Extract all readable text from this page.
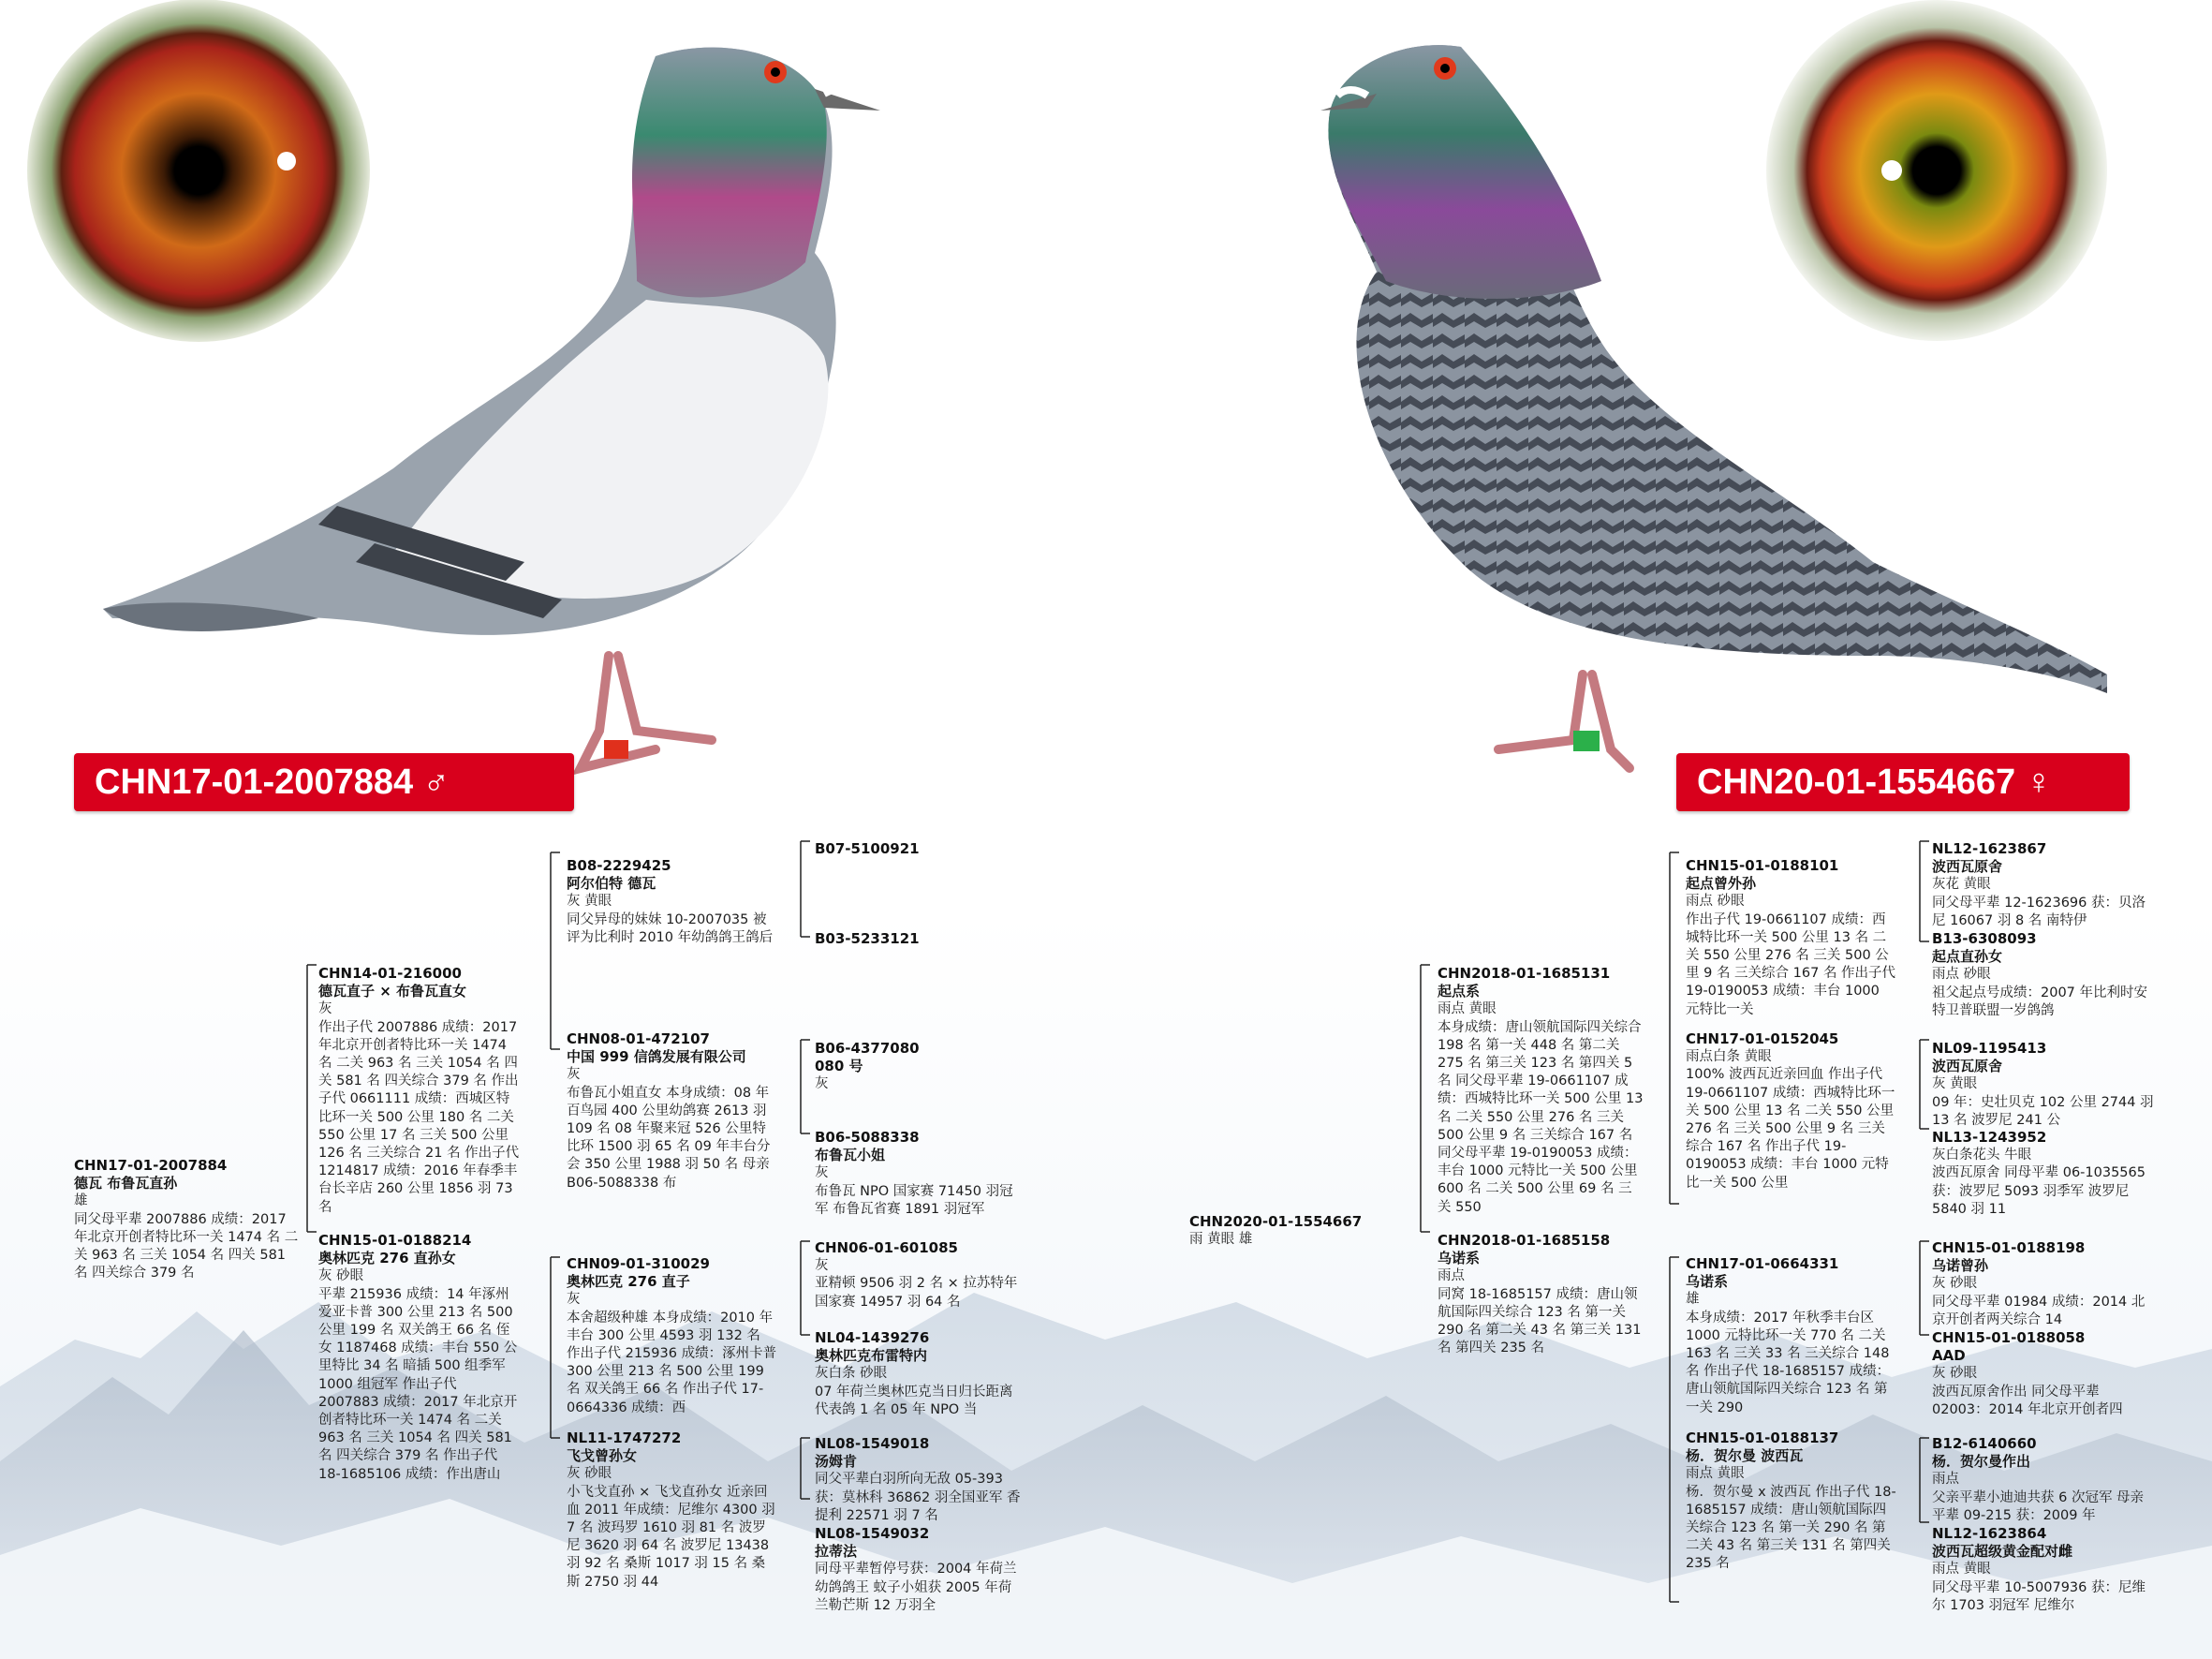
CHN17-01-2007884 ♂	CHN20-01-1554667 ♀
CHN17-01-2007884
德瓦 布鲁瓦直孙
雄
同父母平辈 2007886 成绩：2017 年北京开创者特比环一关 1474 名 二关 963 名 三关 1054 名 四关 581 名 四关综合 379 名
CHN14-01-216000
德瓦直子 × 布鲁瓦直女
灰
作出子代 2007886 成绩：2017 年北京开创者特比环一关 1474 名 二关 963 名 三关 1054 名 四关 581 名 四关综合 379 名 作出子代 0661111 成绩：西城区特比环一关 500 公里 180 名 二关 550 公里 17 名 三关 500 公里 126 名 三关综合 21 名 作出子代 1214817 成绩：2016 年春季丰台长辛店 260 公里 1856 羽 73 名
CHN15-01-0188214
奥林匹克 276 直孙女
灰 砂眼
平辈 215936 成绩：14 年涿州爱亚卡普 300 公里 213 名 500 公里 199 名 双关鸽王 66 名 侄女 1187468 成绩：丰台 550 公里特比 34 名 暗插 500 组季军 1000 组冠军 作出子代 2007883 成绩：2017 年北京开创者特比环一关 1474 名 二关 963 名 三关 1054 名 四关 581 名 四关综合 379 名 作出子代 18-1685106 成绩：作出唐山
B08-2229425
阿尔伯特 德瓦
灰 黄眼
同父异母的妹妹 10-2007035 被评为比利时 2010 年幼鸽鸽王鸽后
CHN08-01-472107
中国 999 信鸽发展有限公司
灰
布鲁瓦小姐直女 本身成绩：08 年百鸟园 400 公里幼鸽赛 2613 羽 109 名 08 年聚来冠 526 公里特比环 1500 羽 65 名 09 年丰台分会 350 公里 1988 羽 50 名 母亲 B06-5088338 布
CHN09-01-310029
奥林匹克 276 直子
灰
本舍超级种雄 本身成绩：2010 年丰台 300 公里 4593 羽 132 名 作出子代 215936 成绩：涿州卡普 300 公里 213 名 500 公里 199 名 双关鸽王 66 名 作出子代 17-0664336 成绩：西
NL11-1747272
飞戈曾孙女
灰 砂眼
小飞戈直孙 × 飞戈直孙女 近亲回血 2011 年成绩：尼维尔 4300 羽 7 名 波玛罗 1610 羽 81 名 波罗尼 3620 羽 64 名 波罗尼 13438 羽 92 名 桑斯 1017 羽 15 名 桑斯 2750 羽 44
B07-5100921
B03-5233121
B06-4377080
080 号
灰
B06-5088338
布鲁瓦小姐
灰
布鲁瓦 NPO 国家赛 71450 羽冠军 布鲁瓦省赛 1891 羽冠军
CHN06-01-601085
灰
亚精顿 9506 羽 2 名 × 拉苏特年国家赛 14957 羽 64 名
NL04-1439276
奥林匹克布雷特内
灰白条 砂眼
07 年荷兰奥林匹克当日归长距离代表鸽 1 名 05 年 NPO 当
NL08-1549018
汤姆肯
同父平辈白羽所向无敌 05-393 获：莫林科 36862 羽全国亚军 香提利 22571 羽 7 名
NL08-1549032
拉蒂法
同母平辈暂停号获：2004 年荷兰幼鸽鸽王 蚊子小姐获 2005 年荷兰勒芒斯 12 万羽全
CHN2020-01-1554667
雨 黄眼 雄
CHN2018-01-1685131
起点系
雨点 黄眼
本身成绩：唐山领航国际四关综合 198 名 第一关 448 名 第二关 275 名 第三关 123 名 第四关 5 名 同父母平辈 19-0661107 成绩：西城特比环一关 500 公里 13 名 二关 550 公里 276 名 三关 500 公里 9 名 三关综合 167 名 同父母平辈 19-0190053 成绩：丰台 1000 元特比一关 500 公里 600 名 二关 500 公里 69 名 三关 550
CHN2018-01-1685158
乌诺系
雨点
同窝 18-1685157 成绩：唐山领航国际四关综合 123 名 第一关 290 名 第二关 43 名 第三关 131 名 第四关 235 名
CHN15-01-0188101
起点曾外孙
雨点 砂眼
作出子代 19-0661107 成绩：西城特比环一关 500 公里 13 名 二关 550 公里 276 名 三关 500 公里 9 名 三关综合 167 名 作出子代 19-0190053 成绩：丰台 1000 元特比一关
CHN17-01-0152045
雨点白条 黄眼
100% 波西瓦近亲回血 作出子代 19-0661107 成绩：西城特比环一关 500 公里 13 名 二关 550 公里 276 名 三关 500 公里 9 名 三关综合 167 名 作出子代 19-0190053 成绩：丰台 1000 元特比一关 500 公里
CHN17-01-0664331
乌诺系
雄
本身成绩：2017 年秋季丰台区 1000 元特比环一关 770 名 二关 163 名 三关 33 名 三关综合 148 名 作出子代 18-1685157 成绩：唐山领航国际四关综合 123 名 第一关 290
CHN15-01-0188137
杨．贺尔曼 波西瓦
雨点 黄眼
杨．贺尔曼 x 波西瓦 作出子代 18-1685157 成绩：唐山领航国际四关综合 123 名 第一关 290 名 第二关 43 名 第三关 131 名 第四关 235 名
NL12-1623867
波西瓦原舍
灰花 黄眼
同父母平辈 12-1623696 获：贝洛尼 16067 羽 8 名 南特伊
B13-6308093
起点直孙女
雨点 砂眼
祖父起点号成绩：2007 年比利时安特卫普联盟一岁鸽鸽
NL09-1195413
波西瓦原舍
灰 黄眼
09 年：史壮贝克 102 公里 2744 羽 13 名 波罗尼 241 公
NL13-1243952
灰白条花头 牛眼
波西瓦原舍 同母平辈 06-1035565 获：波罗尼 5093 羽季军 波罗尼 5840 羽 11
CHN15-01-0188198
乌诺曾孙
灰 砂眼
同父母平辈 01984 成绩：2014 北京开创者两关综合 14
CHN15-01-0188058
AAD
灰 砂眼
波西瓦原舍作出 同父母平辈 02003：2014 年北京开创者四
B12-6140660
杨．贺尔曼作出
雨点
父亲平辈小迪迪共获 6 次冠军 母亲平辈 09-215 获：2009 年
NL12-1623864
波西瓦超级黄金配对雌
雨点 黄眼
同父母平辈 10-5007936 获：尼维尔 1703 羽冠军 尼维尔
